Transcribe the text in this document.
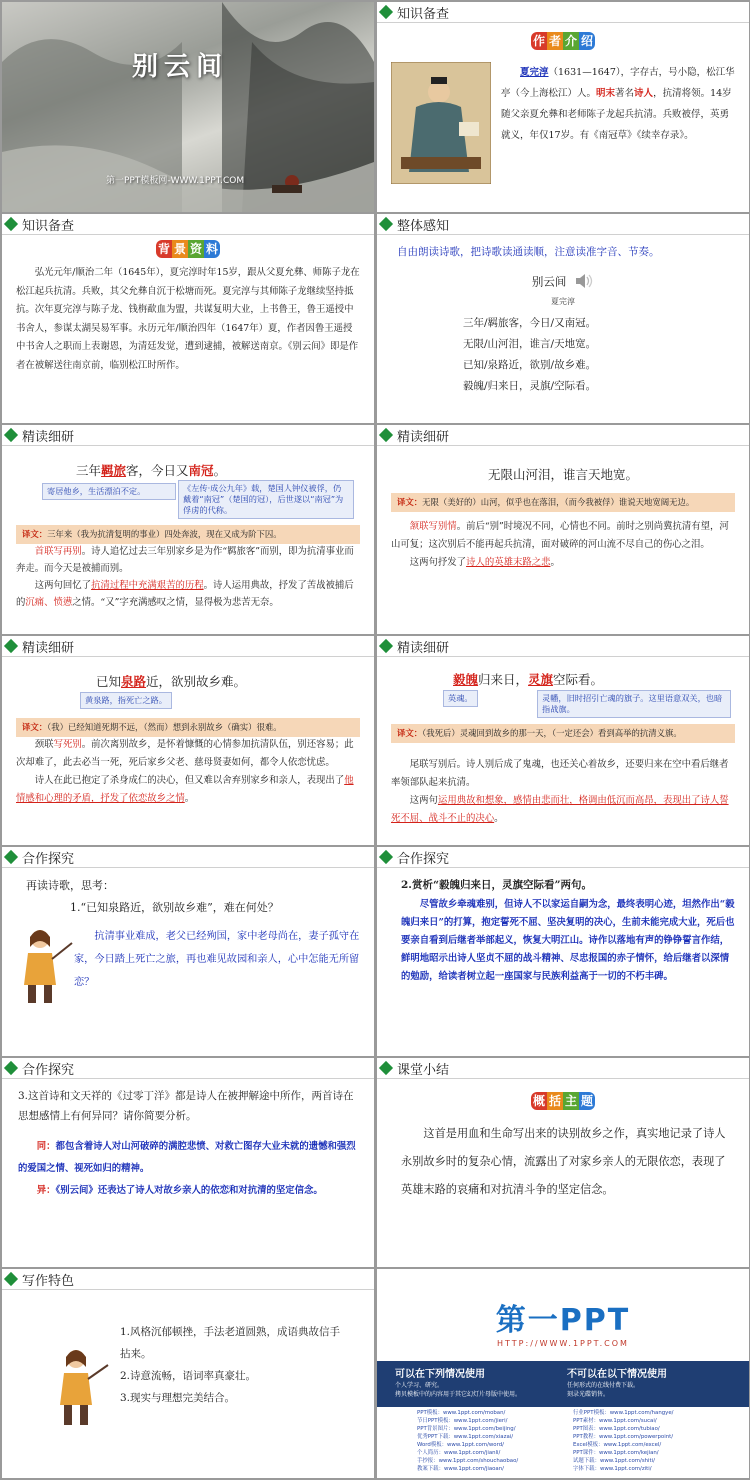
别云间
第一PPT模板网-WWW.1PPT.COM
知识备查
作 者 介 绍
夏完淳（1631—1647），字存古，号小隐，松江华亭（今上海松江）人。明末著名诗人，抗清将领。14岁随父亲夏允彝和老师陈子龙起兵抗清。兵败被俘，英勇就义，年仅17岁。有《南冠草》《续幸存录》。
知识备查
背 景 资 料

弘光元年/顺治二年（1645年），夏完淳时年15岁，跟从父夏允彝、师陈子龙在松江起兵抗清。兵败，其父允彝自沉于松塘而死。夏完淳与其师陈子龙继续坚持抵抗。次年夏完淳与陈子龙、钱栴歃血为盟，共谋复明大业，上书鲁王，鲁王遥授中书舍人，参谋太湖吴易军事。永历元年/顺治四年（1647年）夏，作者因鲁王遥授中书舍人之职而上表谢恩，为清廷发觉，遭到逮捕，被解送南京。《别云间》即是作者在被解送往南京前，临别松江时所作。

整体感知
自由朗读诗歌，把诗歌读通读顺，注意读准字音、节奏。
别云间
夏完淳
三年/羁旅客，今日/又南冠。
无限/山河泪，谁言/天地宽。
已知/泉路近，欲别/故乡难。
毅魄/归来日，灵旗/空际看。
精读细研
三年羁旅客，今日又南冠。
寄居他乡，生活漂泊不定。	《左传·成公九年》载，楚国人钟仪被俘，仍戴着“南冠”（楚国的冠），后世遂以“南冠”为俘虏的代称。
译文：三年来（我为抗清复明的事业）四处奔波，现在又成为阶下囚。

首联写再别。诗人追忆过去三年别家乡是为作“羁旅客”而别，即为抗清事业而奔走。而今天是被捕而别。

这两句回忆了抗清过程中充满艰苦的历程。诗人运用典故，抒发了苦战被捕后的沉痛、愤懑之情。“又”字充满感叹之情，显得极为悲苦无奈。

精读细研
无限山河泪，谁言天地宽。
译文：无限（美好的）山河，似乎也在落泪，（而今我被俘）谁说天地宽阔无边。

颔联写别情。前后“别”时境况不同，心情也不同。前时之别尚冀抗清有望，河山可复；这次别后不能再起兵抗清，面对破碎的河山流不尽自己的伤心之泪。

这两句抒发了诗人的英雄末路之悲。

精读细研
已知泉路近，欲别故乡难。
黄泉路，指死亡之路。
译文：（我）已经知道死期不远，（然而）想到永别故乡（确实）很难。

颈联写死别。前次离别故乡，是怀着慷慨的心情参加抗清队伍，别还容易；此次却难了，此去必当一死，死后家乡父老、慈母贤妻如何，都令人依恋忧虑。

诗人在此已抱定了杀身成仁的决心，但又难以舍弃别家乡和亲人，表现出了他情感和心理的矛盾，抒发了依恋故乡之情。

精读细研
毅魄归来日，灵旗空际看。
英魂。	灵幡，旧时招引亡魂的旗子。这里语意双关，也暗指战旗。
译文：（我死后）灵魂回到故乡的那一天，（一定还会）看到高举的抗清义旗。

尾联写别后。诗人别后成了鬼魂，也还关心着故乡，还要归来在空中看后继者率领部队起来抗清。

这两句运用典故和想象，感情由悲而壮，格调由低沉而高昂，表现出了诗人誓死不屈、战斗不止的决心。

合作探究
再读诗歌，思考：
1.“已知泉路近，欲别故乡难”，难在何处？
抗清事业难成，老父已经殉国，家中老母尚在，妻子孤守在家，今日踏上死亡之旅，再也难见故园和亲人，心中怎能无所留恋？
合作探究
2.赏析“毅魄归来日，灵旗空际看”两句。
尽管故乡牵魂难别，但诗人不以家运自嗣为念，最终表明心迹，坦然作出“毅魄归来日”的打算，抱定誓死不屈、坚决复明的决心，生前未能完成大业，死后也要亲自看到后继者举部起义，恢复大明江山。诗作以落地有声的铮铮誓言作结，鲜明地昭示出诗人坚贞不屈的战斗精神、尽忠报国的赤子情怀，给后继者以深情的勉励，给读者树立起一座国家与民族利益高于一切的不朽丰碑。
合作探究
3.这首诗和文天祥的《过零丁洋》都是诗人在被押解途中所作，两首诗在思想感情上有何异同？请你简要分析。
同：都包含着诗人对山河破碎的满腔悲愤、对救亡图存大业未就的遗憾和强烈的爱国之情、视死如归的精神。
异：《别云间》还表达了诗人对故乡亲人的依恋和对抗清的坚定信念。
课堂小结
概 括 主 题
这首是用血和生命写出来的诀别故乡之作，真实地记录了诗人永别故乡时的复杂心情，流露出了对家乡亲人的无限依恋，表现了英雄末路的哀痛和对抗清斗争的坚定信念。
写作特色
1.风格沉郁顿挫，手法老道圆熟，成语典故信手拈来。
2.诗意流畅，语词率真豪壮。
3.现实与理想完美结合。
第一PPT
HTTP://WWW.1PPT.COM
可以在下列情况使用
个人学习、研究。
拷贝模板中的内容用于其它幻灯片母版中使用。
不可以在以下情况使用
任何形式的在线付费下载。
刻录光碟销售。
PPT模板：www.1ppt.com/moban/
节日PPT模板：www.1ppt.com/jieri/
PPT背景图片：www.1ppt.com/beijing/
优秀PPT下载：www.1ppt.com/xiazai/
Word模板：www.1ppt.com/word/
个人简历：www.1ppt.com/jianli/
手抄报：www.1ppt.com/shouchaobao/
教案下载：www.1ppt.com/jiaoan/
行业PPT模板：www.1ppt.com/hangye/
PPT素材：www.1ppt.com/sucai/
PPT图表：www.1ppt.com/tubiao/
PPT教程：www.1ppt.com/powerpoint/
Excel模板：www.1ppt.com/excel/
PPT课件：www.1ppt.com/kejian/
试题下载：www.1ppt.com/shiti/
字体下载：www.1ppt.com/ziti/
